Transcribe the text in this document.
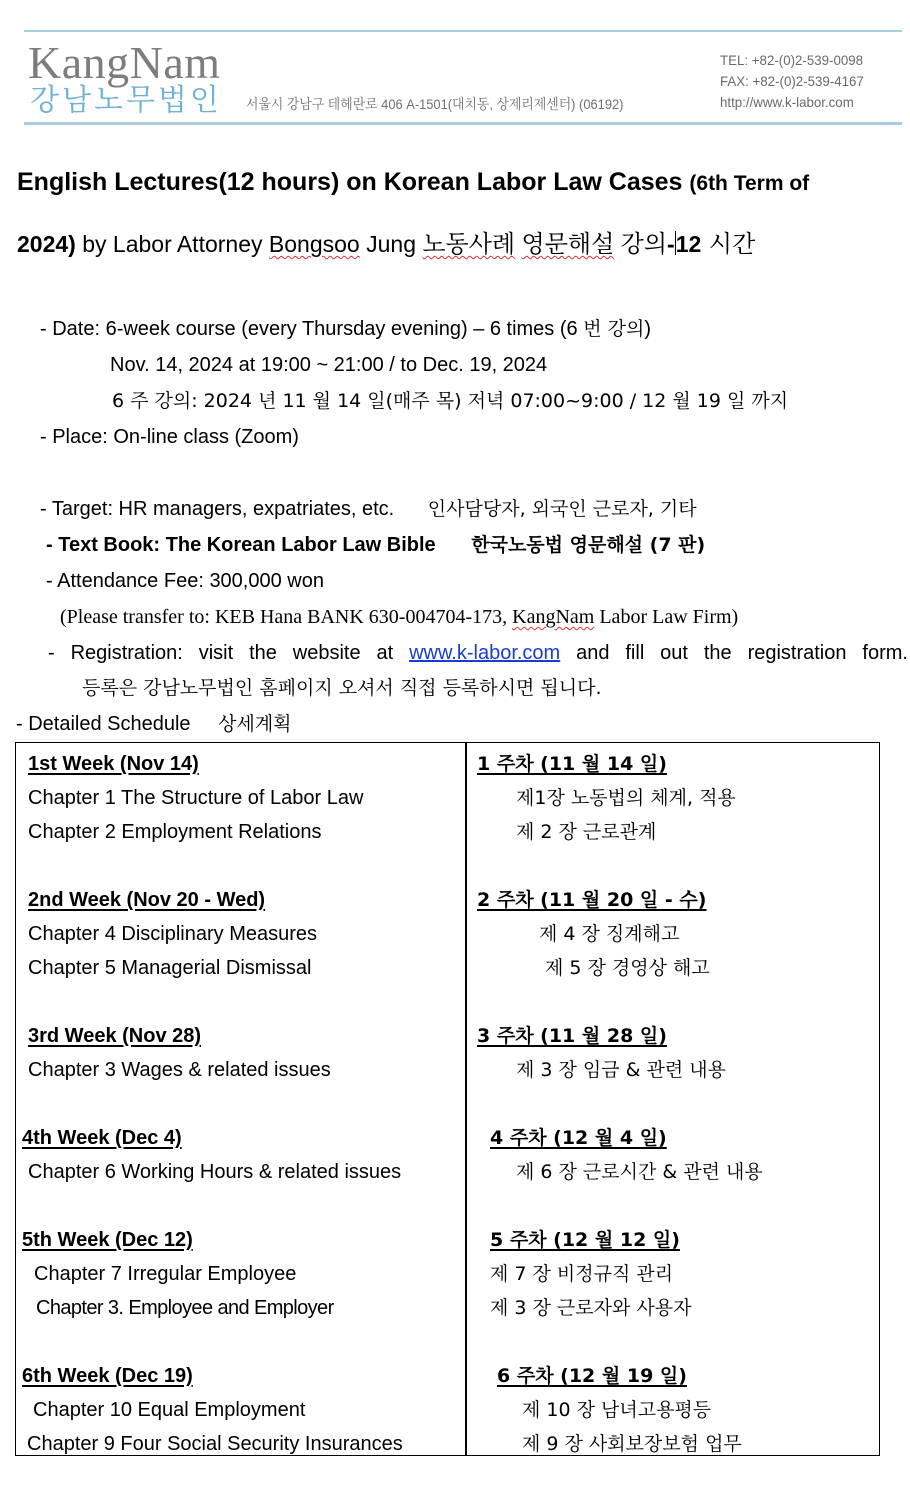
KangNam
강남노무법인 서울시 강남구 테헤란로 406 A-1501(대치동, 상제리제센터) (06192)
TEL: +82-(0)2-539-0098
FAX: +82-(0)2-539-4167
http://www.k-labor.com
English Lectures(12 hours) on Korean Labor Law Cases (6th Term of
2024) by Labor Attorney Bongsoo Jung 노동사례 영문해설 강의-12 시간
- Date: 6-week course (every Thursday evening) – 6 times (6 번 강의)
Nov. 14, 2024 at 19:00 ~ 21:00 / to Dec. 19, 2024
6 주 강의: 2024 년 11 월 14 일(매주 목) 저녁 07:00~9:00 / 12 월 19 일 까지
- Place: On-line class (Zoom)
- Target: HR managers, expatriates, etc. 인사담당자, 외국인 근로자, 기타
- Text Book: The Korean Labor Law Bible 한국노동법 영문해설 (7 판)
- Attendance Fee: 300,000 won
(Please transfer to: KEB Hana BANK 630-004704-173, KangNam Labor Law Firm)
- Registration: visit the website at www.k-labor.com and fill out the registration form.
등록은 강남노무법인 홈페이지 오셔서 직접 등록하시면 됩니다.
- Detailed Schedule 상세계획
1st Week (Nov 14)
Chapter 1 The Structure of Labor Law
Chapter 2 Employment Relations
1 주차 (11 월 14 일)
제1장 노동법의 체계, 적용
제 2 장 근로관계
2nd Week (Nov 20 - Wed)
Chapter 4 Disciplinary Measures
Chapter 5 Managerial Dismissal
2 주차 (11 월 20 일 - 수)
제 4 장 징계해고
제 5 장 경영상 해고
3rd Week (Nov 28)
Chapter 3 Wages & related issues
3 주차 (11 월 28 일)
제 3 장 임금 & 관련 내용
4th Week (Dec 4)
Chapter 6 Working Hours & related issues
4 주차 (12 월 4 일)
제 6 장 근로시간 & 관련 내용
5th Week (Dec 12)
Chapter 7 Irregular Employee
Chapter 3. Employee and Employer
5 주차 (12 월 12 일)
제 7 장 비정규직 관리
제 3 장 근로자와 사용자
6th Week (Dec 19)
Chapter 10 Equal Employment
Chapter 9 Four Social Security Insurances
6 주차 (12 월 19 일)
제 10 장 남녀고용평등
제 9 장 사회보장보험 업무
